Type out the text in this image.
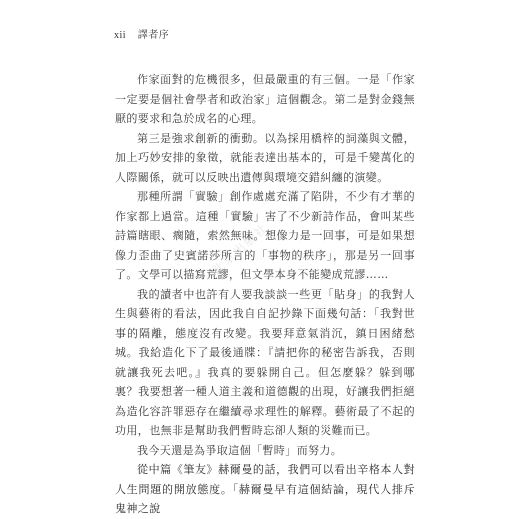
xii 譯者序
北京出版社

作家面對的危機很多，但最嚴重的有三個。一是「作家一定要是個社會學者和政治家」這個觀念。第二是對金錢無厭的要求和急於成名的心理。

第三是強求創新的衝動。以為採用橋梓的詞藻與文體，加上巧妙安排的象徵，就能表達出基本的，可是千變萬化的人際關係，就可以反映出遺傳與環境交錯糾纏的演變。

那種所謂「實驗」創作處處充滿了陷阱，不少有才華的作家都上過當。這種「實驗」害了不少新詩作品，會叫某些詩篇瞎眼、瘸隨，索然無味。想像力是一回事，可是如果想像力歪曲了史賓諾莎所言的「事物的秩序」，那是另一回事了。文學可以描寫荒謬，但文學本身不能變成荒謬……

我的讀者中也許有人要我談談一些更「貼身」的我對人生與藝術的看法，因此我自自記抄錄下面幾句話：「我對世事的隔離，態度沒有改變。我要拜意氣消沉，鎮日困緒愁城。我給造化下了最後通牒：『請把你的秘密告訴我，否則就讓我死去吧。』我真的要躲開自己。但怎麼躲？躲到哪裏？我要想著一種人道主義和道德觀的出現，好讓我們拒絕為造化容許罪惡存在繼續尋求理性的解釋。藝術最了不起的功用，也無非是幫助我們暫時忘卻人類的災難而已。

我今天還是為爭取這個「暫時」而努力。

從中篇《筆友》赫爾曼的話，我們可以看出辛格本人對人生問題的開放態度。「赫爾曼早有這個結論，現代人排斥鬼神之說
